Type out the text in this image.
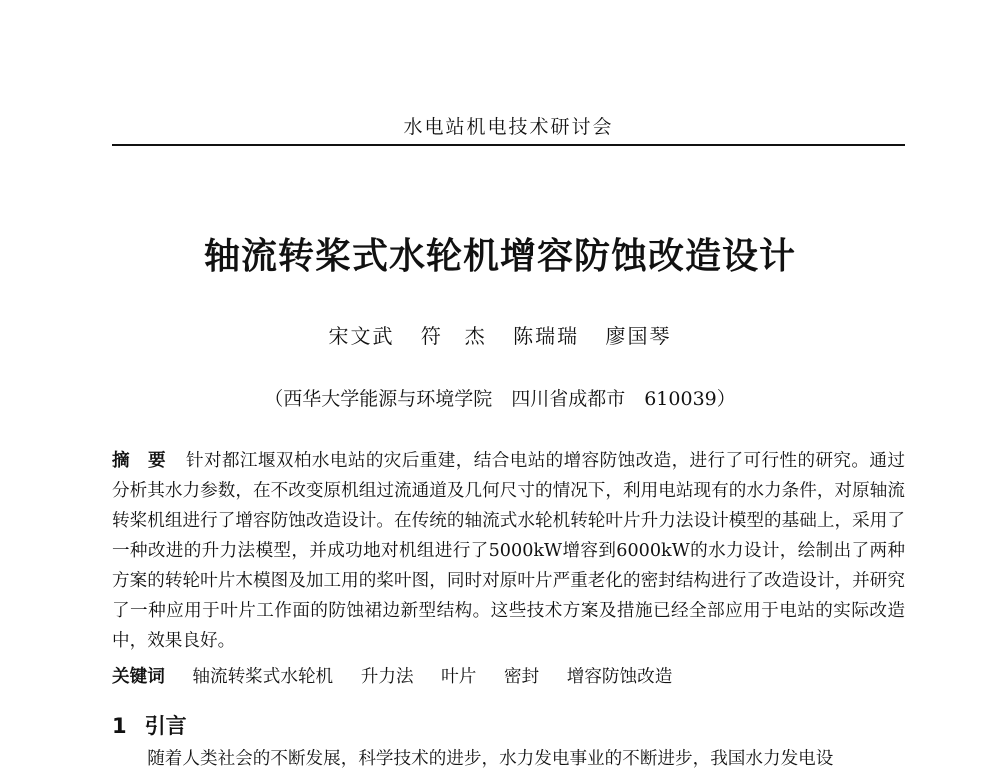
水电站机电技术研讨会
轴流转桨式水轮机增容防蚀改造设计
宋文武 符　杰 陈瑞瑞 廖国琴
（西华大学能源与环境学院　四川省成都市　610039）
摘　要 针对都江堰双柏水电站的灾后重建，结合电站的增容防蚀改造，进行了可行性的研究。通过分析其水力参数，在不改变原机组过流通道及几何尺寸的情况下，利用电站现有的水力条件，对原轴流转桨机组进行了增容防蚀改造设计。在传统的轴流式水轮机转轮叶片升力法设计模型的基础上，采用了一种改进的升力法模型，并成功地对机组进行了5000kW增容到6000kW的水力设计，绘制出了两种方案的转轮叶片木模图及加工用的桨叶图，同时对原叶片严重老化的密封结构进行了改造设计，并研究了一种应用于叶片工作面的防蚀裙边新型结构。这些技术方案及措施已经全部应用于电站的实际改造中，效果良好。
关键词 轴流转桨式水轮机 升力法 叶片 密封 增容防蚀改造
1 引言
随着人类社会的不断发展，科学技术的进步，水力发电事业的不断进步，我国水力发电设
